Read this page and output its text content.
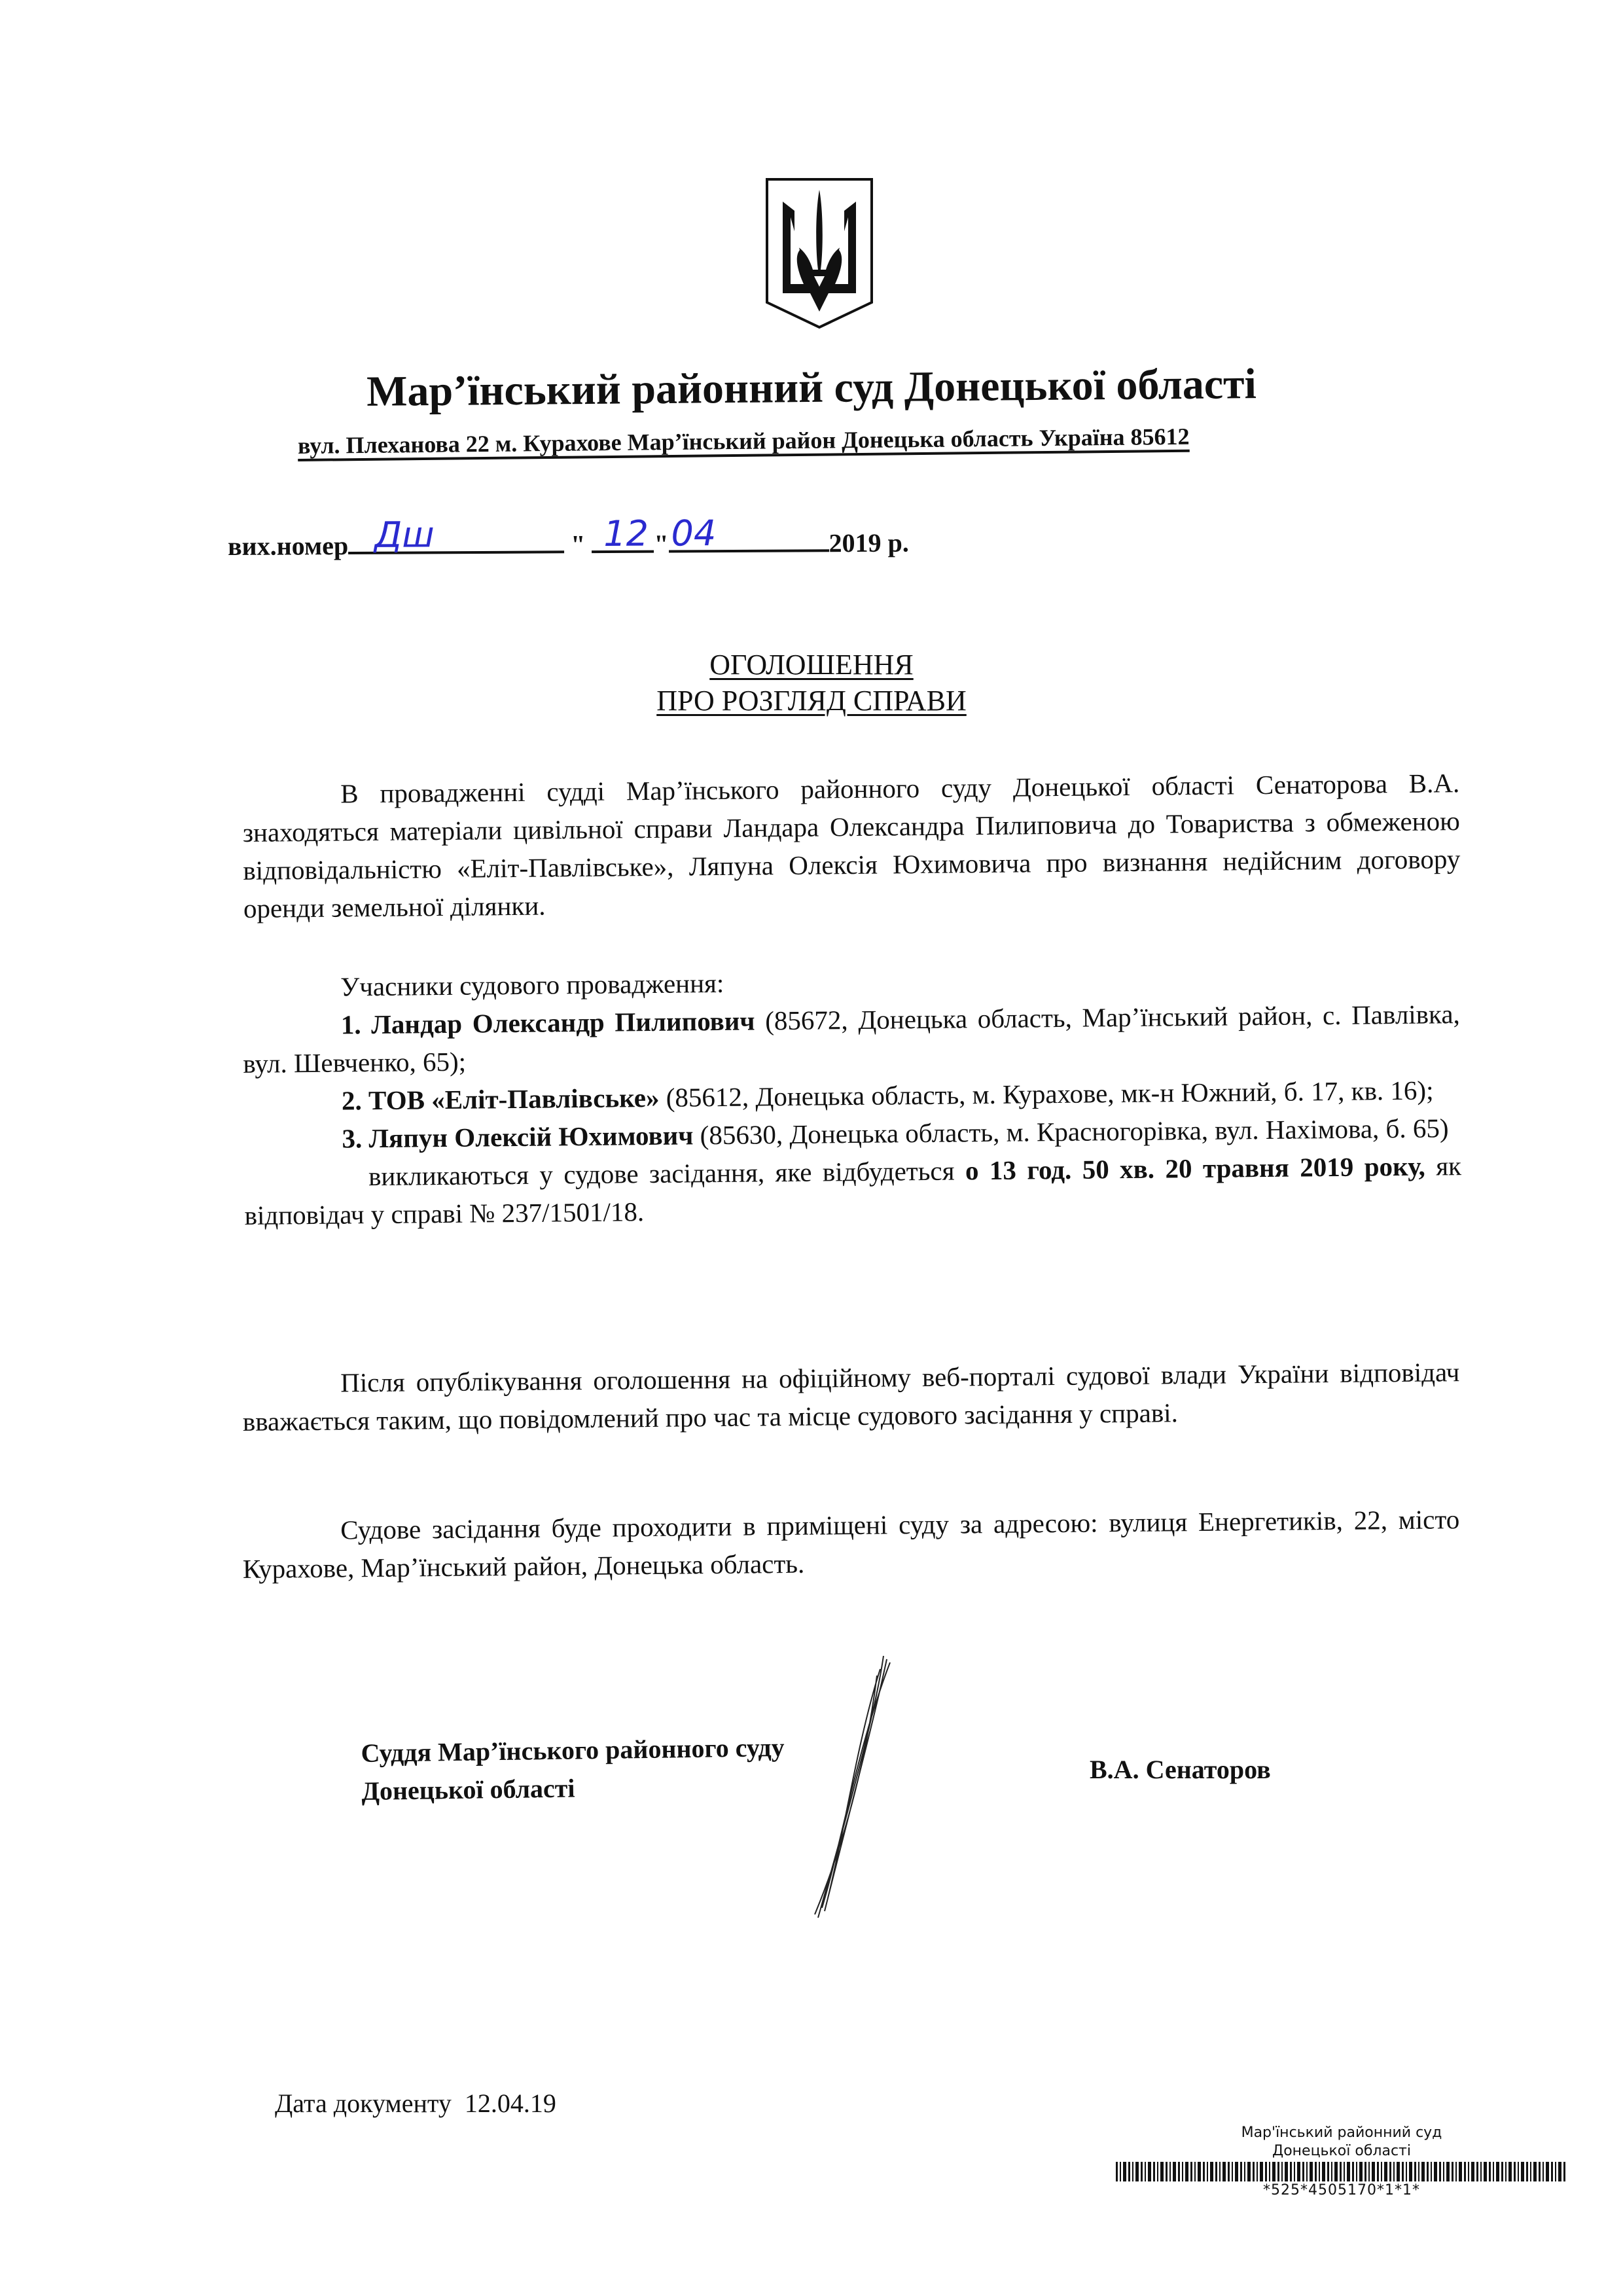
Мар’їнський районний суд Донецької області
вул. Плеханова 22 м. Курахове Мар’їнський район Донецька область Україна 85612
вих.номер Дш	" 12 " 04	2019 р.
ОГОЛОШЕННЯ
ПРО РОЗГЛЯД СПРАВИ

В провадженні судді Мар’їнського районного суду Донецької області Сенаторова В.А. знаходяться матеріали цивільної справи Ландара Олександра Пилиповича до Товариства з обмеженою відповідальністю «Еліт-Павлівське», Ляпуна Олексія Юхимовича про визнання недійсним договору оренди земельної ділянки.

Учасники судового провадження:

1. Ландар Олександр Пилипович (85672, Донецька область, Мар’їнський район, с. Павлівка, вул. Шевченко, 65);

2. ТОВ «Еліт-Павлівське» (85612, Донецька область, м. Курахове, мк-н Южний, б. 17, кв. 16);

3. Ляпун Олексій Юхимович (85630, Донецька область, м. Красногорівка, вул. Нахімова, б. 65)

викликаються у судове засідання, яке відбудеться о 13 год. 50 хв. 20 травня 2019 року, як відповідач у справі № 237/1501/18.

Після опублікування оголошення на офіційному веб-порталі судової влади України відповідач вважається таким, що повідомлений про час та місце судового засідання у справі.

Судове засідання буде проходити в приміщені суду за адресою: вулиця Енергетиків, 22, місто Курахове, Мар’їнський район, Донецька область.

Суддя Мар’їнського районного суду
Донецької області
В.А. Сенаторов
Дата документу 12.04.19
Мар'їнський районний суд
Донецької області
*525*4505170*1*1*
